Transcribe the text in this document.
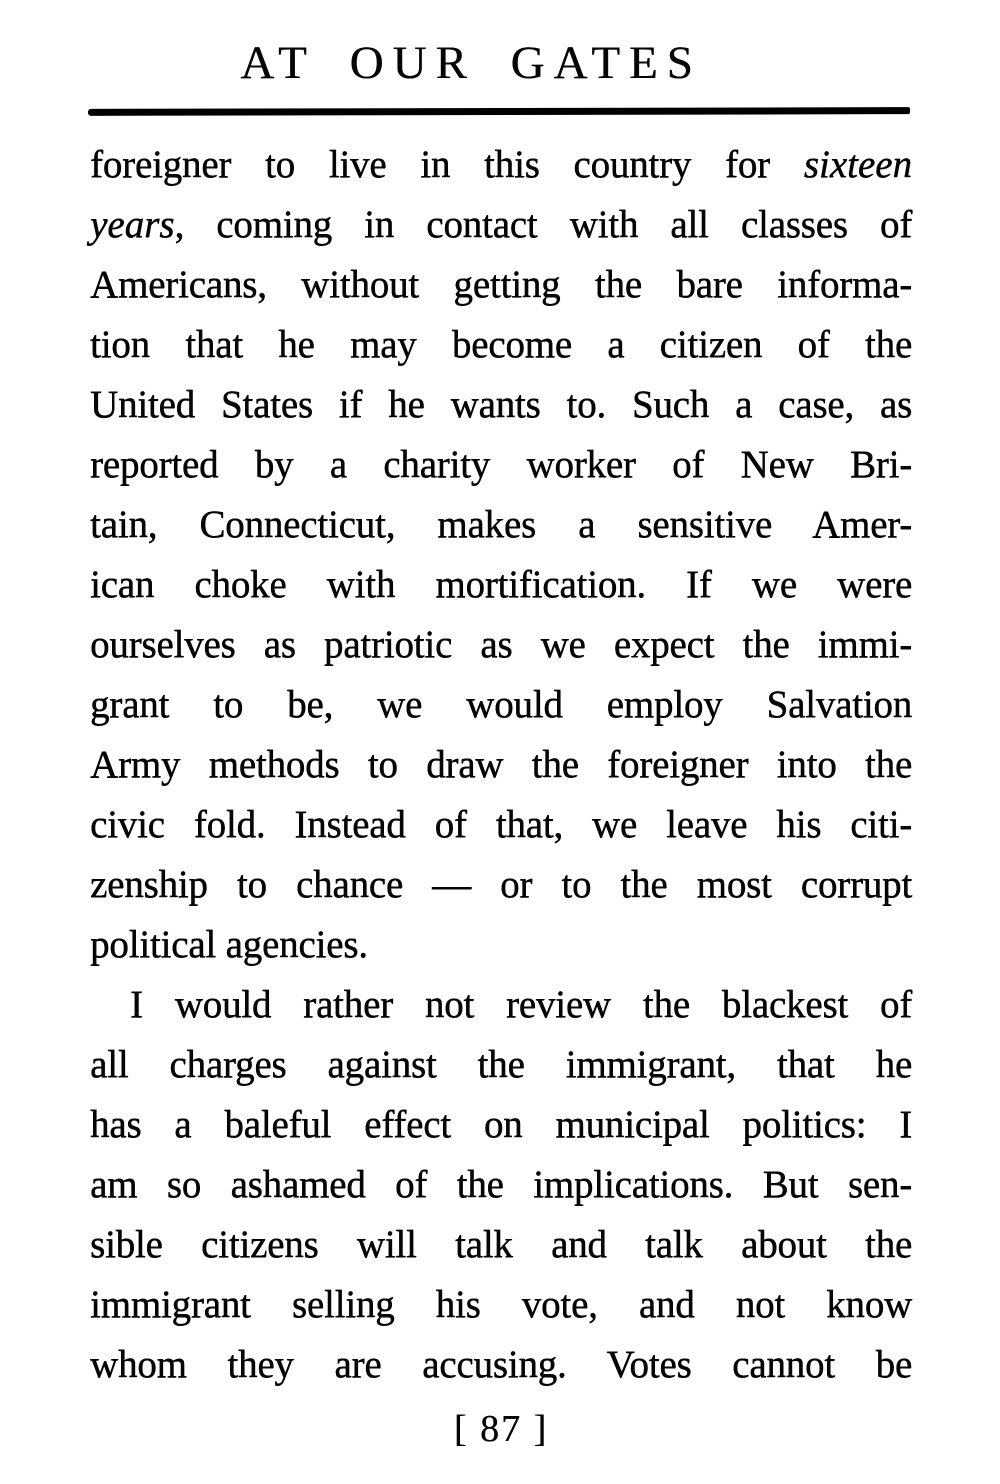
AT OUR GATES
foreigner to live in this country for sixteen
years, coming in contact with all classes of
Americans, without getting the bare informa-
tion that he may become a citizen of the
United States if he wants to. Such a case, as
reported by a charity worker of New Bri-
tain, Connecticut, makes a sensitive Amer-
ican choke with mortification. If we were
ourselves as patriotic as we expect the immi-
grant to be, we would employ Salvation
Army methods to draw the foreigner into the
civic fold. Instead of that, we leave his citi-
zenship to chance — or to the most corrupt
political agencies.
I would rather not review the blackest of
all charges against the immigrant, that he
has a baleful effect on municipal politics: I
am so ashamed of the implications. But sen-
sible citizens will talk and talk about the
immigrant selling his vote, and not know
whom they are accusing. Votes cannot be
[ 87 ]
